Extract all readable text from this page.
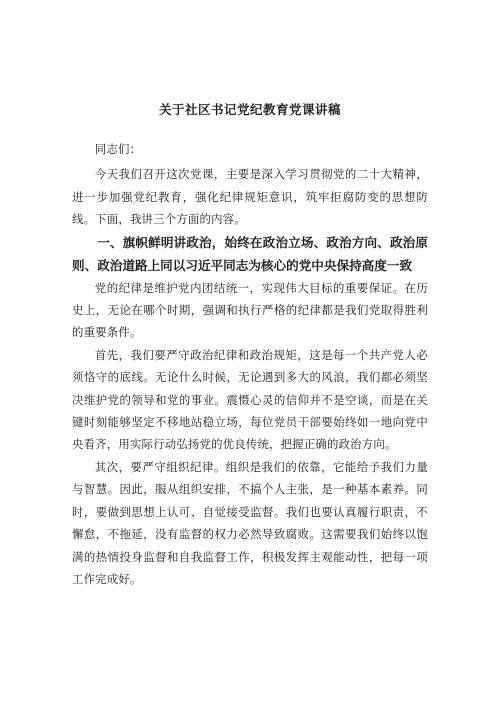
关于社区书记党纪教育党课讲稿

同志们：

今天我们召开这次党课，主要是深入学习贯彻党的二十大精神，进一步加强党纪教育，强化纪律规矩意识，筑牢拒腐防变的思想防线。下面，我讲三个方面的内容。

一、旗帜鲜明讲政治，始终在政治立场、政治方向、政治原则、政治道路上同以习近平同志为核心的党中央保持高度一致

党的纪律是维护党内团结统一，实现伟大目标的重要保证。在历史上，无论在哪个时期，强调和执行严格的纪律都是我们党取得胜利的重要条件。

首先，我们要严守政治纪律和政治规矩，这是每一个共产党人必须恪守的底线。无论什么时候，无论遇到多大的风浪，我们都必须坚决维护党的领导和党的事业。震慑心灵的信仰并不是空谈，而是在关键时刻能够坚定不移地站稳立场，每位党员干部要始终如一地向党中央看齐，用实际行动弘扬党的优良传统，把握正确的政治方向。

其次，要严守组织纪律。组织是我们的依靠，它能给予我们力量与智慧。因此，服从组织安排，不搞个人主张，是一种基本素养。同时，要做到思想上认可、自觉接受监督。我们也要认真履行职责，不懈怠，不拖延，没有监督的权力必然导致腐败。这需要我们始终以饱满的热情投身监督和自我监督工作，积极发挥主观能动性，把每一项工作完成好。
